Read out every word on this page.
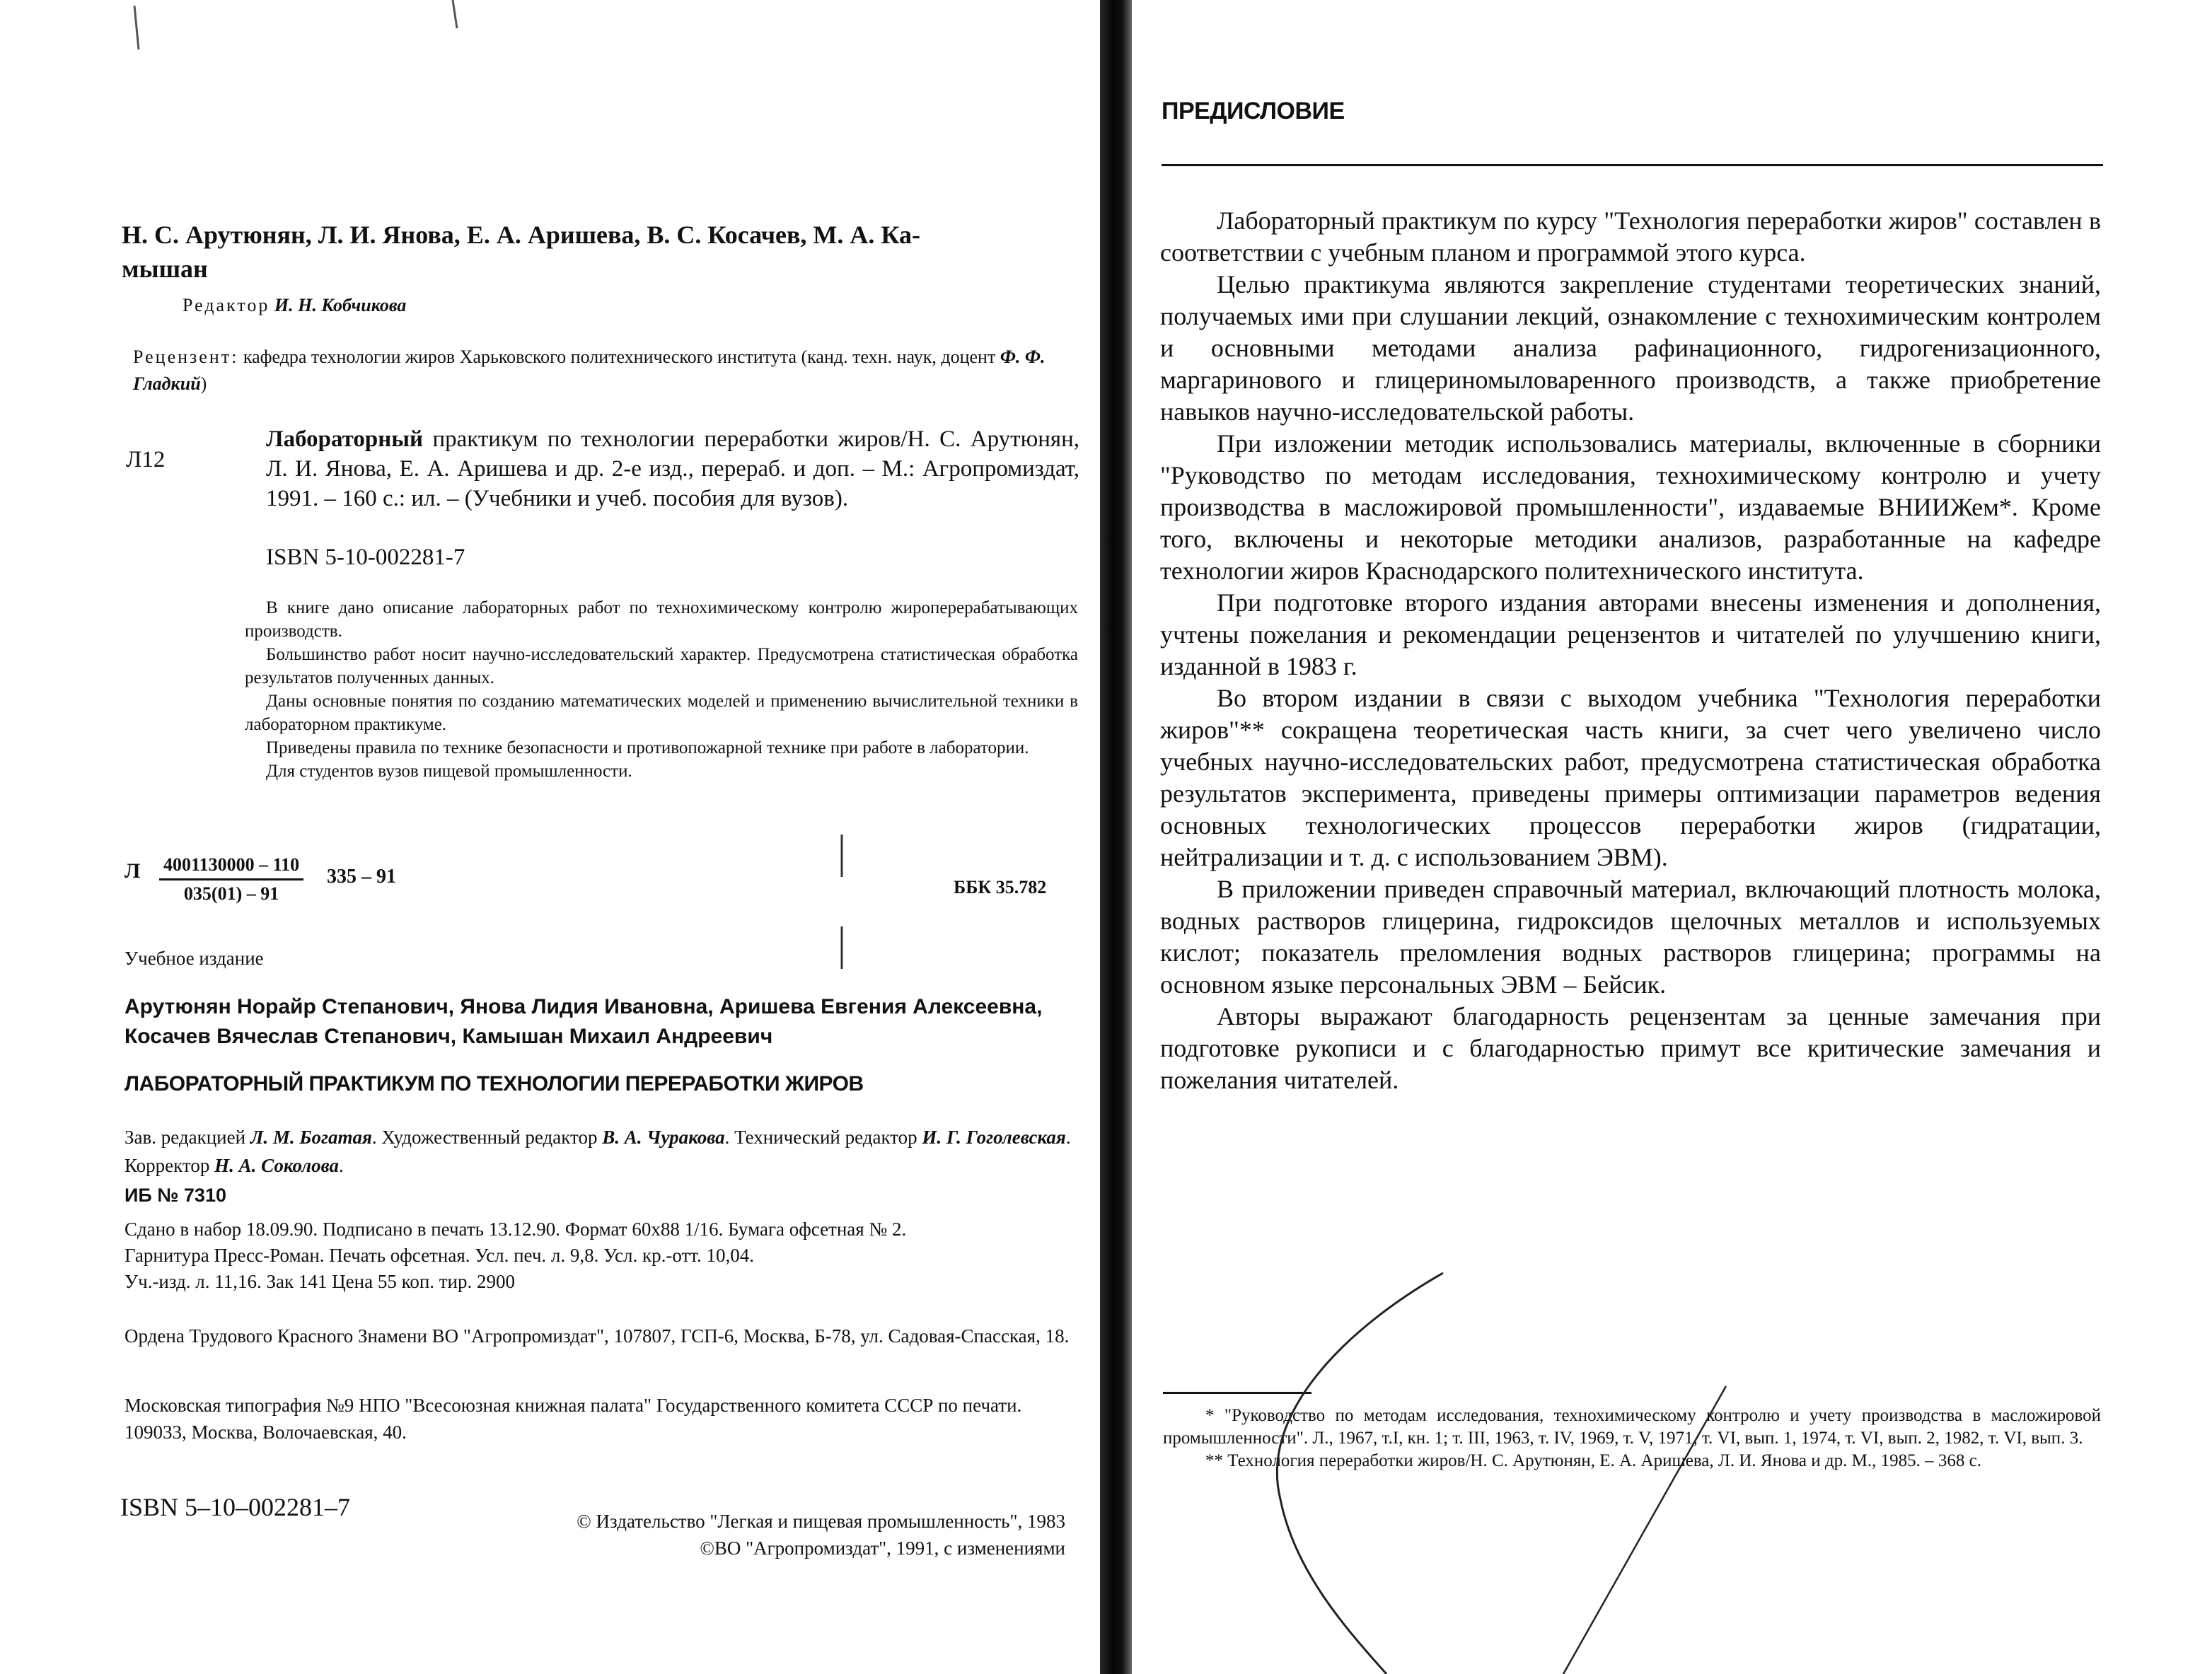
Н. С. Арутюнян, Л. И. Янова, Е. А. Аришева, В. С. Косачев, М. А. Ка-
мышан
Редактор И. Н. Кобчикова
Рецензент: кафедра технологии жиров Харьковского политехнического института (канд. техн. наук, доцент Ф. Ф. Гладкий)
Л12
Лабораторный практикум по технологии переработки жиров/Н. С. Арутюнян, Л. И. Янова, Е. А. Аришева и др. 2-е изд., перераб. и доп. – М.: Агропромиздат, 1991. – 160 с.: ил. – (Учебники и учеб. пособия для вузов).
ISBN 5-10-002281-7

В книге дано описание лабораторных работ по технохимическому контролю жироперерабатывающих производств.

Большинство работ носит научно-исследовательский характер. Предусмотрена статистическая обработка результатов полученных данных.

Даны основные понятия по созданию математических моделей и применению вычислительной техники в лабораторном практикуме.

Приведены правила по технике безопасности и противопожарной технике при работе в лаборатории.

Для студентов вузов пищевой промышленности.

Л $\frac{4001130000 - 110}{035(01) - 91} 335 - 91$	ББК 35.782
Учебное издание
Арутюнян Норайр Степанович, Янова Лидия Ивановна, Аришева Евгения Алексеевна,
Косачев Вячеслав Степанович, Камышан Михаил Андреевич
ЛАБОРАТОРНЫЙ ПРАКТИКУМ ПО ТЕХНОЛОГИИ ПЕРЕРАБОТКИ ЖИРОВ
Зав. редакцией Л. М. Богатая. Художественный редактор В. А. Чуракова. Технический редактор И. Г. Гоголевская. Корректор Н. А. Соколова.
ИБ № 7310
Сдано в набор 18.09.90. Подписано в печать 13.12.90. Формат 60х88 1/16. Бумага офсетная № 2.
Гарнитура Пресс-Роман. Печать офсетная. Усл. печ. л. 9,8. Усл. кр.-отт. 10,04.
Уч.-изд. л. 11,16. Зак 141 Цена 55 коп. тир. 2900
Ордена Трудового Красного Знамени ВО "Агропромиздат", 107807, ГСП-6, Москва, Б-78, ул. Садовая-Спасская, 18.
Московская типография №9 НПО "Всесоюзная книжная палата" Государственного комитета СССР по печати. 109033, Москва, Волочаевская, 40.
ISBN 5–10–002281–7	© Издательство "Легкая и пищевая промышленность", 1983
©ВО "Агропромиздат", 1991, с изменениями
ПРЕДИСЛОВИЕ

Лабораторный практикум по курсу "Технология переработки жиров" составлен в соответствии с учебным планом и программой этого курса.

Целью практикума являются закрепление студентами теоретических знаний, получаемых ими при слушании лекций, ознакомление с технохимическим контролем и основными методами анализа рафинационного, гидрогенизационного, маргаринового и глицериномыловаренного производств, а также приобретение навыков научно-исследовательской работы.

При изложении методик использовались материалы, включенные в сборники "Руководство по методам исследования, технохимическому контролю и учету производства в масложировой промышленности", издаваемые ВНИИЖем*. Кроме того, включены и некоторые методики анализов, разработанные на кафедре технологии жиров Краснодарского политехнического института.

При подготовке второго издания авторами внесены изменения и дополнения, учтены пожелания и рекомендации рецензентов и читателей по улучшению книги, изданной в 1983 г.

Во втором издании в связи с выходом учебника "Технология переработки жиров"** сокращена теоретическая часть книги, за счет чего увеличено число учебных научно-исследовательских работ, предусмотрена статистическая обработка результатов эксперимента, приведены примеры оптимизации параметров ведения основных технологических процессов переработки жиров (гидратации, нейтрализации и т. д. с использованием ЭВМ).

В приложении приведен справочный материал, включающий плотность молока, водных растворов глицерина, гидроксидов щелочных металлов и используемых кислот; показатель преломления водных растворов глицерина; программы на основном языке персональных ЭВМ – Бейсик.

Авторы выражают благодарность рецензентам за ценные замечания при подготовке рукописи и с благодарностью примут все критические замечания и пожелания читателей.

* "Руководство по методам исследования, технохимическому контролю и учету производства в масложировой промышленности". Л., 1967, т.I, кн. 1; т. III, 1963, т. IV, 1969, т. V, 1971, т. VI, вып. 1, 1974, т. VI, вып. 2, 1982, т. VI, вып. 3.

** Технология переработки жиров/Н. С. Арутюнян, Е. А. Аришева, Л. И. Янова и др. М., 1985. – 368 с.
